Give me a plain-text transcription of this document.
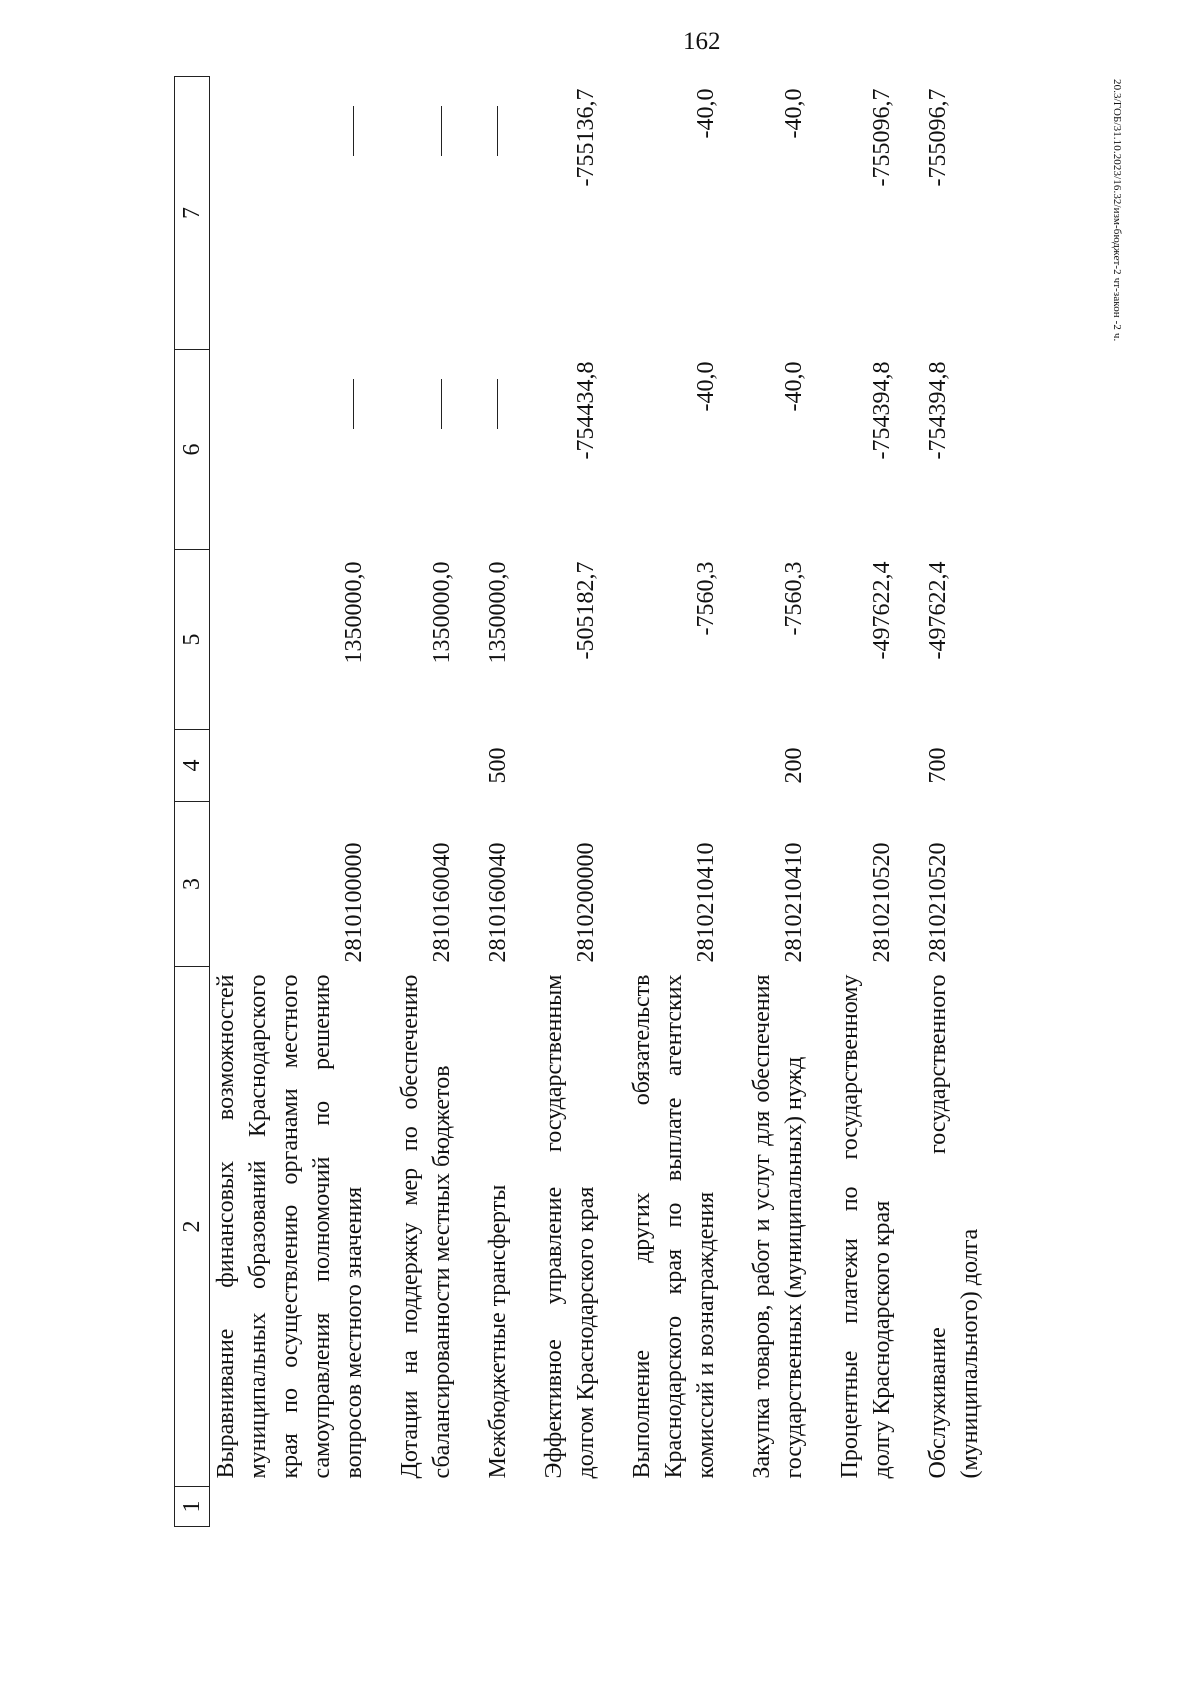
162
20.3/ГОБ/31.10.2023/16.32/изм-бюджет-2 чт-закон -2 ч.
1	2	3	4	5	6	7
	Выравнивание финансовых возможностей муниципальных образований Краснодарского края по осуществлению органами местного самоуправления полномочий по решению вопросов местного значения	2810100000		1350000,0		

	Дотации на поддержку мер по обеспечению сбалансированности местных бюджетов	2810160040		1350000,0		

	Межбюджетные трансферты	2810160040	500	1350000,0		

	Эффективное управление государственным долгом Краснодарского края	2810200000		-505182,7	-754434,8	-755136,7

	Выполнение других обязательств Краснодарского края по выплате агентских комиссий и вознаграждения	2810210410		-7560,3	-40,0	-40,0

	Закупка товаров, работ и услуг для обеспечения государственных (муниципальных) нужд	2810210410	200	-7560,3	-40,0	-40,0

	Процентные платежи по государственному долгу Краснодарского края	2810210520		-497622,4	-754394,8	-755096,7

	Обслуживание государственного (муниципального) долга	2810210520	700	-497622,4	-754394,8	-755096,7
